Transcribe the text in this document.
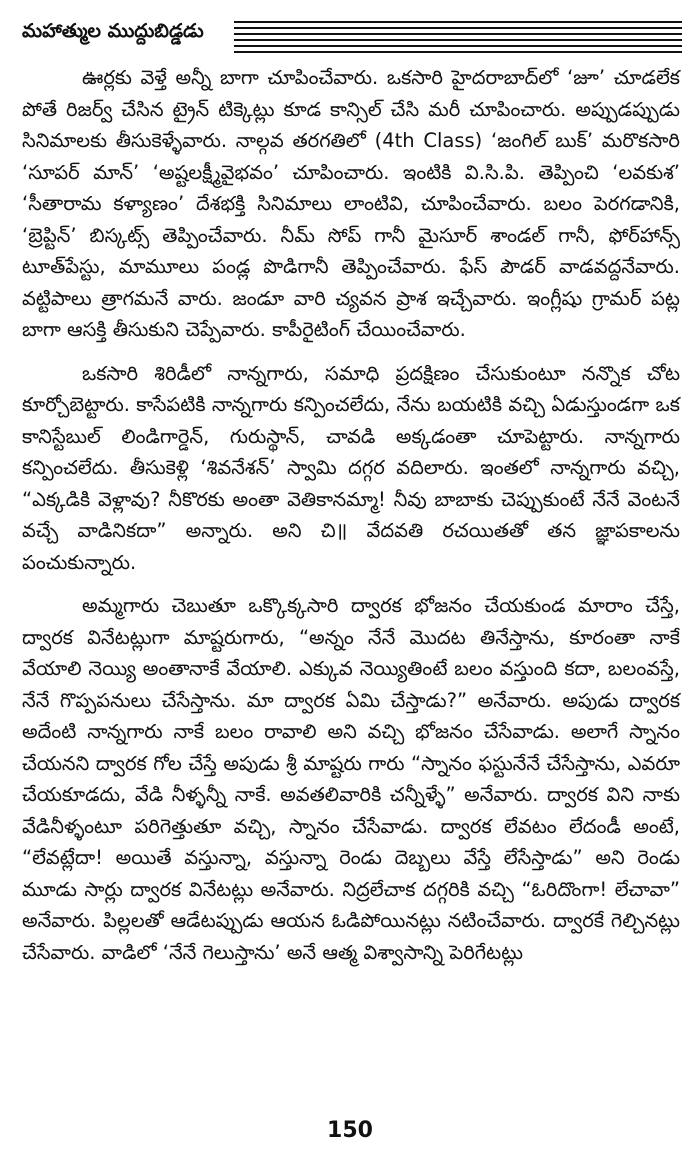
మహాత్ముల ముద్దుబిడ్డడు

ఊర్లకు వెళ్తే అన్నీ బాగా చూపించేవారు. ఒకసారి హైదరాబాద్‌లో ‘జూ’ చూడలేక పోతే రిజర్వ్ చేసిన ట్రైన్ టిక్కెట్లు కూడ కాన్సిల్ చేసి మరీ చూపించారు. అప్పుడప్పుడు సినిమాలకు తీసుకెళ్ళేవారు. నాల్గవ తరగతిలో (4th Class) ‘జంగిల్ బుక్’ మరొకసారి ‘సూపర్ మాన్’ ‘అష్టలక్ష్మీవైభవం’ చూపించారు. ఇంటికి వి.సి.పి. తెప్పించి ‘లవకుశ’ ‘సీతారామ కళ్యాణం’ దేశభక్తి సినిమాలు లాంటివి, చూపించేవారు. బలం పెరగడానికి, ‘బ్రెప్టిన్’ బిస్కట్స్ తెప్పించేవారు. నీమ్ సోప్ గానీ మైసూర్ శాండల్ గానీ, ఫోర్‌హాన్స్ టూత్‌పేస్టు, మామూలు పండ్ల పొడిగానీ తెప్పించేవారు. ఫేస్ పౌడర్ వాడవద్దనేవారు. వట్టిపాలు త్రాగమనే వారు. జండూ వారి చ్యవన ప్రాశ ఇచ్చేవారు. ఇంగ్లీషు గ్రామర్ పట్ల బాగా ఆసక్తి తీసుకుని చెప్పేవారు. కాపీరైటింగ్ చేయించేవారు.

ఒకసారి శిరిడీలో నాన్నగారు, సమాధి ప్రదక్షిణం చేసుకుంటూ నన్నొక చోట కూర్చోబెట్టారు. కాసేపటికి నాన్నగారు కన్పించలేదు, నేను బయటికి వచ్చి ఏడుస్తుండగా ఒక కానిస్టేబుల్ లిండిగార్డెన్, గురుస్థాన్, చావడి అక్కడంతా చూపెట్టారు. నాన్నగారు కన్పించలేదు. తీసుకెళ్లి ‘శివనేశన్’ స్వామి దగ్గర వదిలారు. ఇంతలో నాన్నగారు వచ్చి, “ఎక్కడికి వెళ్లావు? నీకొరకు అంతా వెతికానమ్మా! నీవు బాబాకు చెప్పుకుంటే నేనే వెంటనే వచ్చే వాడినికదా” అన్నారు. అని చి॥ వేదవతి రచయితతో తన జ్ఞాపకాలను పంచుకున్నారు.

అమ్మగారు చెబుతూ ఒక్కొక్కసారి ద్వారక భోజనం చేయకుండ మారాం చేస్తే, ద్వారక వినేటట్లుగా మాష్టరుగారు, “అన్నం నేనే మొదట తినేస్తాను, కూరంతా నాకే వేయాలి నెయ్యి అంతానాకే వేయాలి. ఎక్కువ నెయ్యితింటే బలం వస్తుంది కదా, బలంవస్తే, నేనే గొప్పపనులు చేసేస్తాను. మా ద్వారక ఏమి చేస్తాడు?” అనేవారు. అపుడు ద్వారక అదేంటి నాన్నగారు నాకే బలం రావాలి అని వచ్చి భోజనం చేసేవాడు. అలాగే స్నానం చేయనని ద్వారక గోల చేస్తే అపుడు శ్రీ మాష్టరు గారు “స్నానం ఫస్టునేనే చేసేస్తాను, ఎవరూ చేయకూడదు, వేడి నీళ్ళన్నీ నాకే. అవతలివారికి చన్నీళ్ళే” అనేవారు. ద్వారక విని నాకు వేడినీళ్ళంటూ పరిగెత్తుతూ వచ్చి, స్నానం చేసేవాడు. ద్వారక లేవటం లేదండీ అంటే, “లేవట్లేదా! అయితే వస్తున్నా, వస్తున్నా రెండు దెబ్బలు వేస్తే లేసేస్తాడు” అని రెండు మూడు సార్లు ద్వారక వినేటట్లు అనేవారు. నిద్రలేచాక దగ్గరికి వచ్చి “ఓరిదొంగా! లేచావా” అనేవారు. పిల్లలతో ఆడేటప్పుడు ఆయన ఓడిపోయినట్లు నటించేవారు. ద్వారకే గెల్చినట్లు చేసేవారు. వాడిలో ‘నేనే గెలుస్తాను’ అనే ఆత్మ విశ్వాసాన్ని పెరిగేటట్లు

150
